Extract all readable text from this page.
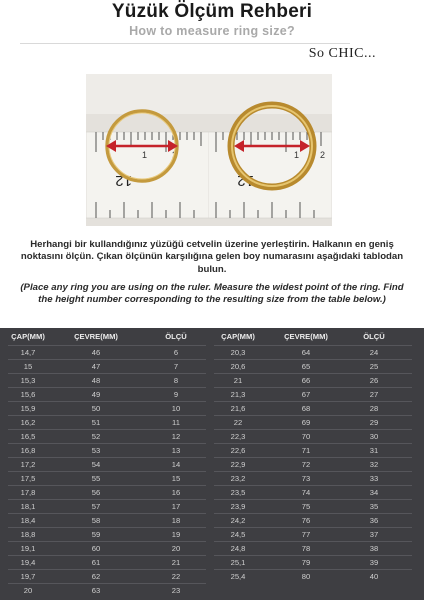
Yüzük Ölçüm Rehberi
How to measure ring size?
So CHIC...
1	2
12
1 2
12
Herhangi bir kullandığınız yüzüğü cetvelin üzerine yerleştirin. Halkanın en geniş noktasını ölçün. Çıkan ölçünün karşılığına gelen boy numarasını aşağıdaki tablodan bulun.
(Place any ring you are using on the ruler. Measure the widest point of the ring. Find the height number corresponding to the resulting size from the table below.)
ÇAP(MM)	ÇEVRE(MM)	ÖLÇÜ
14,7	46	6
15	47	7
15,3	48	8
15,6	49	9
15,9	50	10
16,2	51	11
16,5	52	12
16,8	53	13
17,2	54	14
17,5	55	15
17,8	56	16
18,1	57	17
18,4	58	18
18,8	59	19
19,1	60	20
19,4	61	21
19,7	62	22
20	63	23
ÇAP(MM)	ÇEVRE(MM)	ÖLÇÜ
20,3	64	24
20,6	65	25
21	66	26
21,3	67	27
21,6	68	28
22	69	29
22,3	70	30
22,6	71	31
22,9	72	32
23,2	73	33
23,5	74	34
23,9	75	35
24,2	76	36
24,5	77	37
24,8	78	38
25,1	79	39
25,4	80	40
